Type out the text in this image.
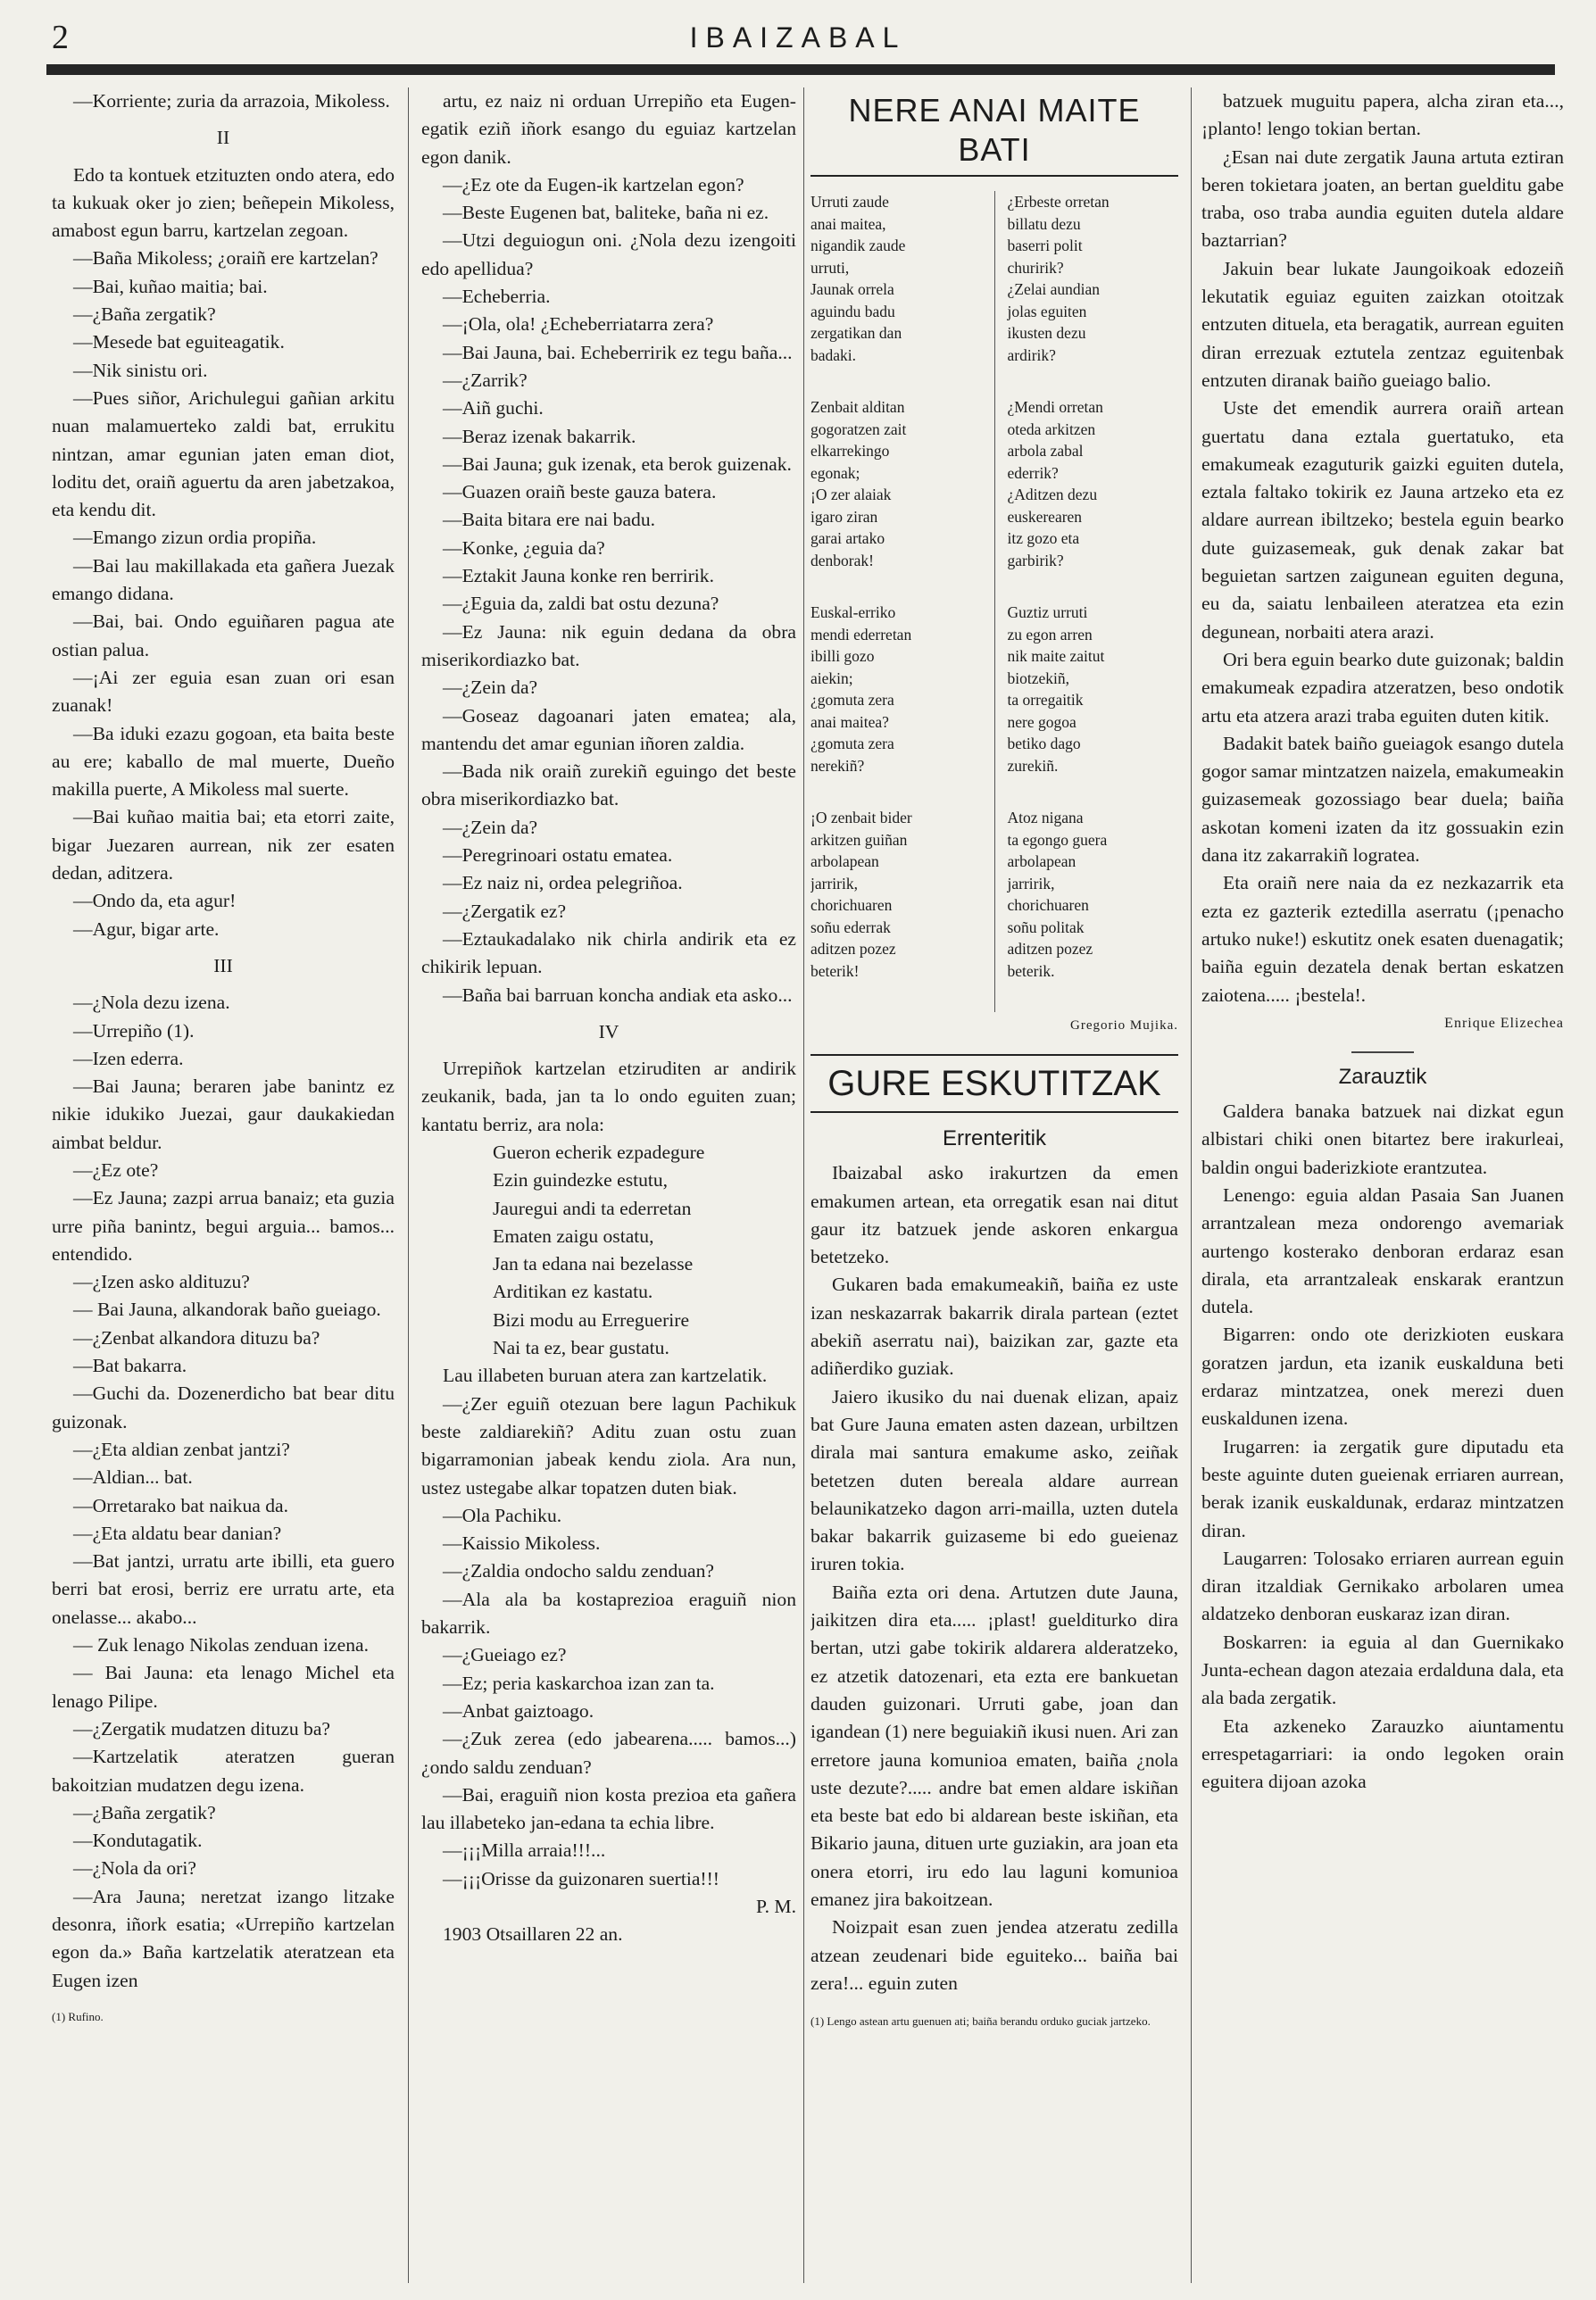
2	IBAIZABAL

—Korriente; zuria da arrazoia, Mikoless.

II

Edo ta kontuek etzituzten ondo atera, edo ta kukuak oker jo zien; beñepein Mikoless, amabost egun barru, kartzelan zegoan.

—Baña Mikoless; ¿oraiñ ere kartzelan?

—Bai, kuñao maitia; bai.

—¿Baña zergatik?

—Mesede bat eguiteagatik.

—Nik sinistu ori.

—Pues siñor, Arichulegui gañian arkitu nuan malamuerteko zaldi bat, errukitu nintzan, amar egunian jaten eman diot, loditu det, oraiñ aguertu da aren jabetzakoa, eta kendu dit.

—Emango zizun ordia propiña.

—Bai lau makillakada eta gañera Juezak emango didana.

—Bai, bai. Ondo eguiñaren pagua ate ostian palua.

—¡Ai zer eguia esan zuan ori esan zuanak!

—Ba iduki ezazu gogoan, eta baita beste au ere; kaballo de mal muerte, Dueño makilla puerte, A Mikoless mal suerte.

—Bai kuñao maitia bai; eta etorri zaite, bigar Juezaren aurrean, nik zer esaten dedan, aditzera.

—Ondo da, eta agur!

—Agur, bigar arte.

III

—¿Nola dezu izena.

—Urrepiño (1).

—Izen ederra.

—Bai Jauna; beraren jabe banintz ez nikie idukiko Juezai, gaur daukakiedan aimbat beldur.

—¿Ez ote?

—Ez Jauna; zazpi arrua banaiz; eta guzia urre piña banintz, begui arguia... bamos... entendido.

—¿Izen asko aldituzu?

— Bai Jauna, alkandorak baño gueiago.

—¿Zenbat alkandora dituzu ba?

—Bat bakarra.

—Guchi da. Dozenerdicho bat bear ditu guizonak.

—¿Eta aldian zenbat jantzi?

—Aldian... bat.

—Orretarako bat naikua da.

—¿Eta aldatu bear danian?

—Bat jantzi, urratu arte ibilli, eta guero berri bat erosi, berriz ere urratu arte, eta onelasse... akabo...

— Zuk lenago Nikolas zenduan izena.

— Bai Jauna: eta lenago Michel eta lenago Pilipe.

—¿Zergatik mudatzen dituzu ba?

—Kartzelatik ateratzen gueran bakoitzian mudatzen degu izena.

—¿Baña zergatik?

—Kondutagatik.

—¿Nola da ori?

—Ara Jauna; neretzat izango litzake desonra, iñork esatia; «Urrepiño kartzelan egon da.» Baña kartzelatik ateratzean eta Eugen izen

(1) Rufino.

artu, ez naiz ni orduan Urrepiño eta Eugen-egatik eziñ iñork esango du eguiaz kartzelan egon danik.

—¿Ez ote da Eugen-ik kartzelan egon?

—Beste Eugenen bat, baliteke, baña ni ez.

—Utzi deguiogun oni. ¿Nola dezu izengoiti edo apellidua?

—Echeberria.

—¡Ola, ola! ¿Echeberriatarra zera?

—Bai Jauna, bai. Echeberririk ez tegu baña...

—¿Zarrik?

—Aiñ guchi.

—Beraz izenak bakarrik.

—Bai Jauna; guk izenak, eta berok guizenak.

—Guazen oraiñ beste gauza batera.

—Baita bitara ere nai badu.

—Konke, ¿eguia da?

—Eztakit Jauna konke ren berririk.

—¿Eguia da, zaldi bat ostu dezuna?

—Ez Jauna: nik eguin dedana da obra miserikordiazko bat.

—¿Zein da?

—Goseaz dagoanari jaten ematea; ala, mantendu det amar egunian iñoren zaldia.

—Bada nik oraiñ zurekiñ eguingo det beste obra miserikordiazko bat.

—¿Zein da?

—Peregrinoari ostatu ematea.

—Ez naiz ni, ordea pelegriñoa.

—¿Zergatik ez?

—Eztaukadalako nik chirla andirik eta ez chikirik lepuan.

—Baña bai barruan koncha andiak eta asko...

IV

Urrepiñok kartzelan etziruditen ar andirik zeukanik, bada, jan ta lo ondo eguiten zuan; kantatu berriz, ara nola:

Gueron echerik ezpadegure

Ezin guindezke estutu,

Jauregui andi ta ederretan

Ematen zaigu ostatu,

Jan ta edana nai bezelasse

Arditikan ez kastatu.

Bizi modu au Erreguerire

Nai ta ez, bear gustatu.

Lau illabeten buruan atera zan kartzelatik.

—¿Zer eguiñ otezuan bere lagun Pachikuk beste zaldiarekiñ? Aditu zuan ostu zuan bigarramonian jabeak kendu ziola. Ara nun, ustez ustegabe alkar topatzen duten biak.

—Ola Pachiku.

—Kaissio Mikoless.

—¿Zaldia ondocho saldu zenduan?

—Ala ala ba kostaprezioa eraguiñ nion bakarrik.

—¿Gueiago ez?

—Ez; peria kaskarchoa izan zan ta.

—Anbat gaiztoago.

—¿Zuk zerea (edo jabearena..... bamos...) ¿ondo saldu zenduan?

—Bai, eraguiñ nion kosta prezioa eta gañera lau illabeteko jan-edana ta echia libre.

—¡¡¡Milla arraia!!!...

—¡¡¡Orisse da guizonaren suertia!!!

P. M.

1903 Otsaillaren 22 an.

NERE ANAI MAITE BATI
Urruti zaude
anai maitea,
nigandik zaude
urruti,
Jaunak orrela
aguindu badu
zergatikan dan
badaki.
Zenbait alditan
gogoratzen zait
elkarrekingo
egonak;
¡O zer alaiak
igaro ziran
garai artako
denborak!
Euskal-erriko
mendi ederretan
ibilli gozo
aiekin;
¿gomuta zera
anai maitea?
¿gomuta zera
nerekiñ?
¡O zenbait bider
arkitzen guiñan
arbolapean
jarririk,
chorichuaren
soñu ederrak
aditzen pozez
beterik!
¿Erbeste orretan
billatu dezu
baserri polit
churirik?
¿Zelai aundian
jolas eguiten
ikusten dezu
ardirik?
¿Mendi orretan
oteda arkitzen
arbola zabal
ederrik?
¿Aditzen dezu
euskerearen
itz gozo eta
garbirik?
Guztiz urruti
zu egon arren
nik maite zaitut
biotzekiñ,
ta orregaitik
nere gogoa
betiko dago
zurekiñ.
Atoz nigana
ta egongo guera
arbolapean
jarririk,
chorichuaren
soñu politak
aditzen pozez
beterik.
Gregorio Mujika.
GURE ESKUTITZAK
Errenteritik

Ibaizabal asko irakurtzen da emen emakumen artean, eta orregatik esan nai ditut gaur itz batzuek jende askoren enkargua betetzeko.

Gukaren bada emakumeakiñ, baiña ez uste izan neskazarrak bakarrik dirala partean (eztet abekiñ aserratu nai), baizikan zar, gazte eta adiñerdiko guziak.

Jaiero ikusiko du nai duenak elizan, apaiz bat Gure Jauna ematen asten dazean, urbiltzen dirala mai santura emakume asko, zeiñak betetzen duten bereala aldare aurrean belaunikatzeko dagon arri-mailla, uzten dutela bakar bakarrik guizaseme bi edo gueienaz iruren tokia.

Baiña ezta ori dena. Artutzen dute Jauna, jaikitzen dira eta..... ¡plast! guelditurko dira bertan, utzi gabe tokirik aldarera alderatzeko, ez atzetik datozenari, eta ezta ere bankuetan dauden guizonari. Urruti gabe, joan dan igandean (1) nere beguiakiñ ikusi nuen. Ari zan erretore jauna komunioa ematen, baiña ¿nola uste dezute?..... andre bat emen aldare iskiñan eta beste bat edo bi aldarean beste iskiñan, eta Bikario jauna, dituen urte guziakin, ara joan eta onera etorri, iru edo lau laguni komunioa emanez jira bakoitzean.

Noizpait esan zuen jendea atzeratu zedilla atzean zeudenari bide eguiteko... baiña bai zera!... eguin zuten

(1) Lengo astean artu guenuen ati; baiña berandu orduko guciak jartzeko.

batzuek muguitu papera, alcha ziran eta..., ¡planto! lengo tokian bertan.

¿Esan nai dute zergatik Jauna artuta eztiran beren tokietara joaten, an bertan guelditu gabe traba, oso traba aundia eguiten dutela aldare baztarrian?

Jakuin bear lukate Jaungoikoak edozeiñ lekutatik eguiaz eguiten zaizkan otoitzak entzuten dituela, eta beragatik, aurrean eguiten diran errezuak eztutela zentzaz eguitenbak entzuten diranak baiño gueiago balio.

Uste det emendik aurrera oraiñ artean guertatu dana eztala guertatuko, eta emakumeak ezaguturik gaizki eguiten dutela, eztala faltako tokirik ez Jauna artzeko eta ez aldare aurrean ibiltzeko; bestela eguin bearko dute guizasemeak, guk denak zakar bat beguietan sartzen zaigunean eguiten deguna, eu da, saiatu lenbaileen ateratzea eta ezin degunean, norbaiti atera arazi.

Ori bera eguin bearko dute guizonak; baldin emakumeak ezpadira atzeratzen, beso ondotik artu eta atzera arazi traba eguiten duten kitik.

Badakit batek baiño gueiagok esango dutela gogor samar mintzatzen naizela, emakumeakin guizasemeak gozossiago bear duela; baiña askotan komeni izaten da itz gossuakin ezin dana itz zakarrakiñ lograteа.

Eta oraiñ nere naia da ez nezkazarrik eta ezta ez gazterik eztedilla aserratu (¡penacho artuko nuke!) eskutitz onek esaten duenagatik; baiña eguin dezatela denak bertan eskatzen zaiotena..... ¡bestela!.

Enrique Elizechea
Zarauztik

Galdera banaka batzuek nai dizkat egun albistari chiki onen bitartez bere irakurleai, baldin ongui baderizkiote erantzutea.

Lenengo: eguia aldan Pasaia San Juanen arrantzalean meza ondorengo avemariak aurtengo kosterako denboran erdaraz esan dirala, eta arrantzaleak enskarak erantzun dutela.

Bigarren: ondo ote derizkioten euskara goratzen jardun, eta izanik euskalduna beti erdaraz mintzatzea, onek merezi duen euskaldunen izena.

Irugarren: ia zergatik gure diputadu eta beste aguinte duten gueienak erriaren aurrean, berak izanik euskaldunak, erdaraz mintzatzen diran.

Laugarren: Tolosako erriaren aurrean eguin diran itzaldiak Gernikako arbolaren umea aldatzeko denboran euskaraz izan diran.

Boskarren: ia eguia al dan Guernikako Junta-echean dagon atezaia erdalduna dala, eta ala bada zergatik.

Eta azkeneko Zarauzko aiuntamentu errespetagarriari: ia ondo legoken orain eguitera dijoan azoka
